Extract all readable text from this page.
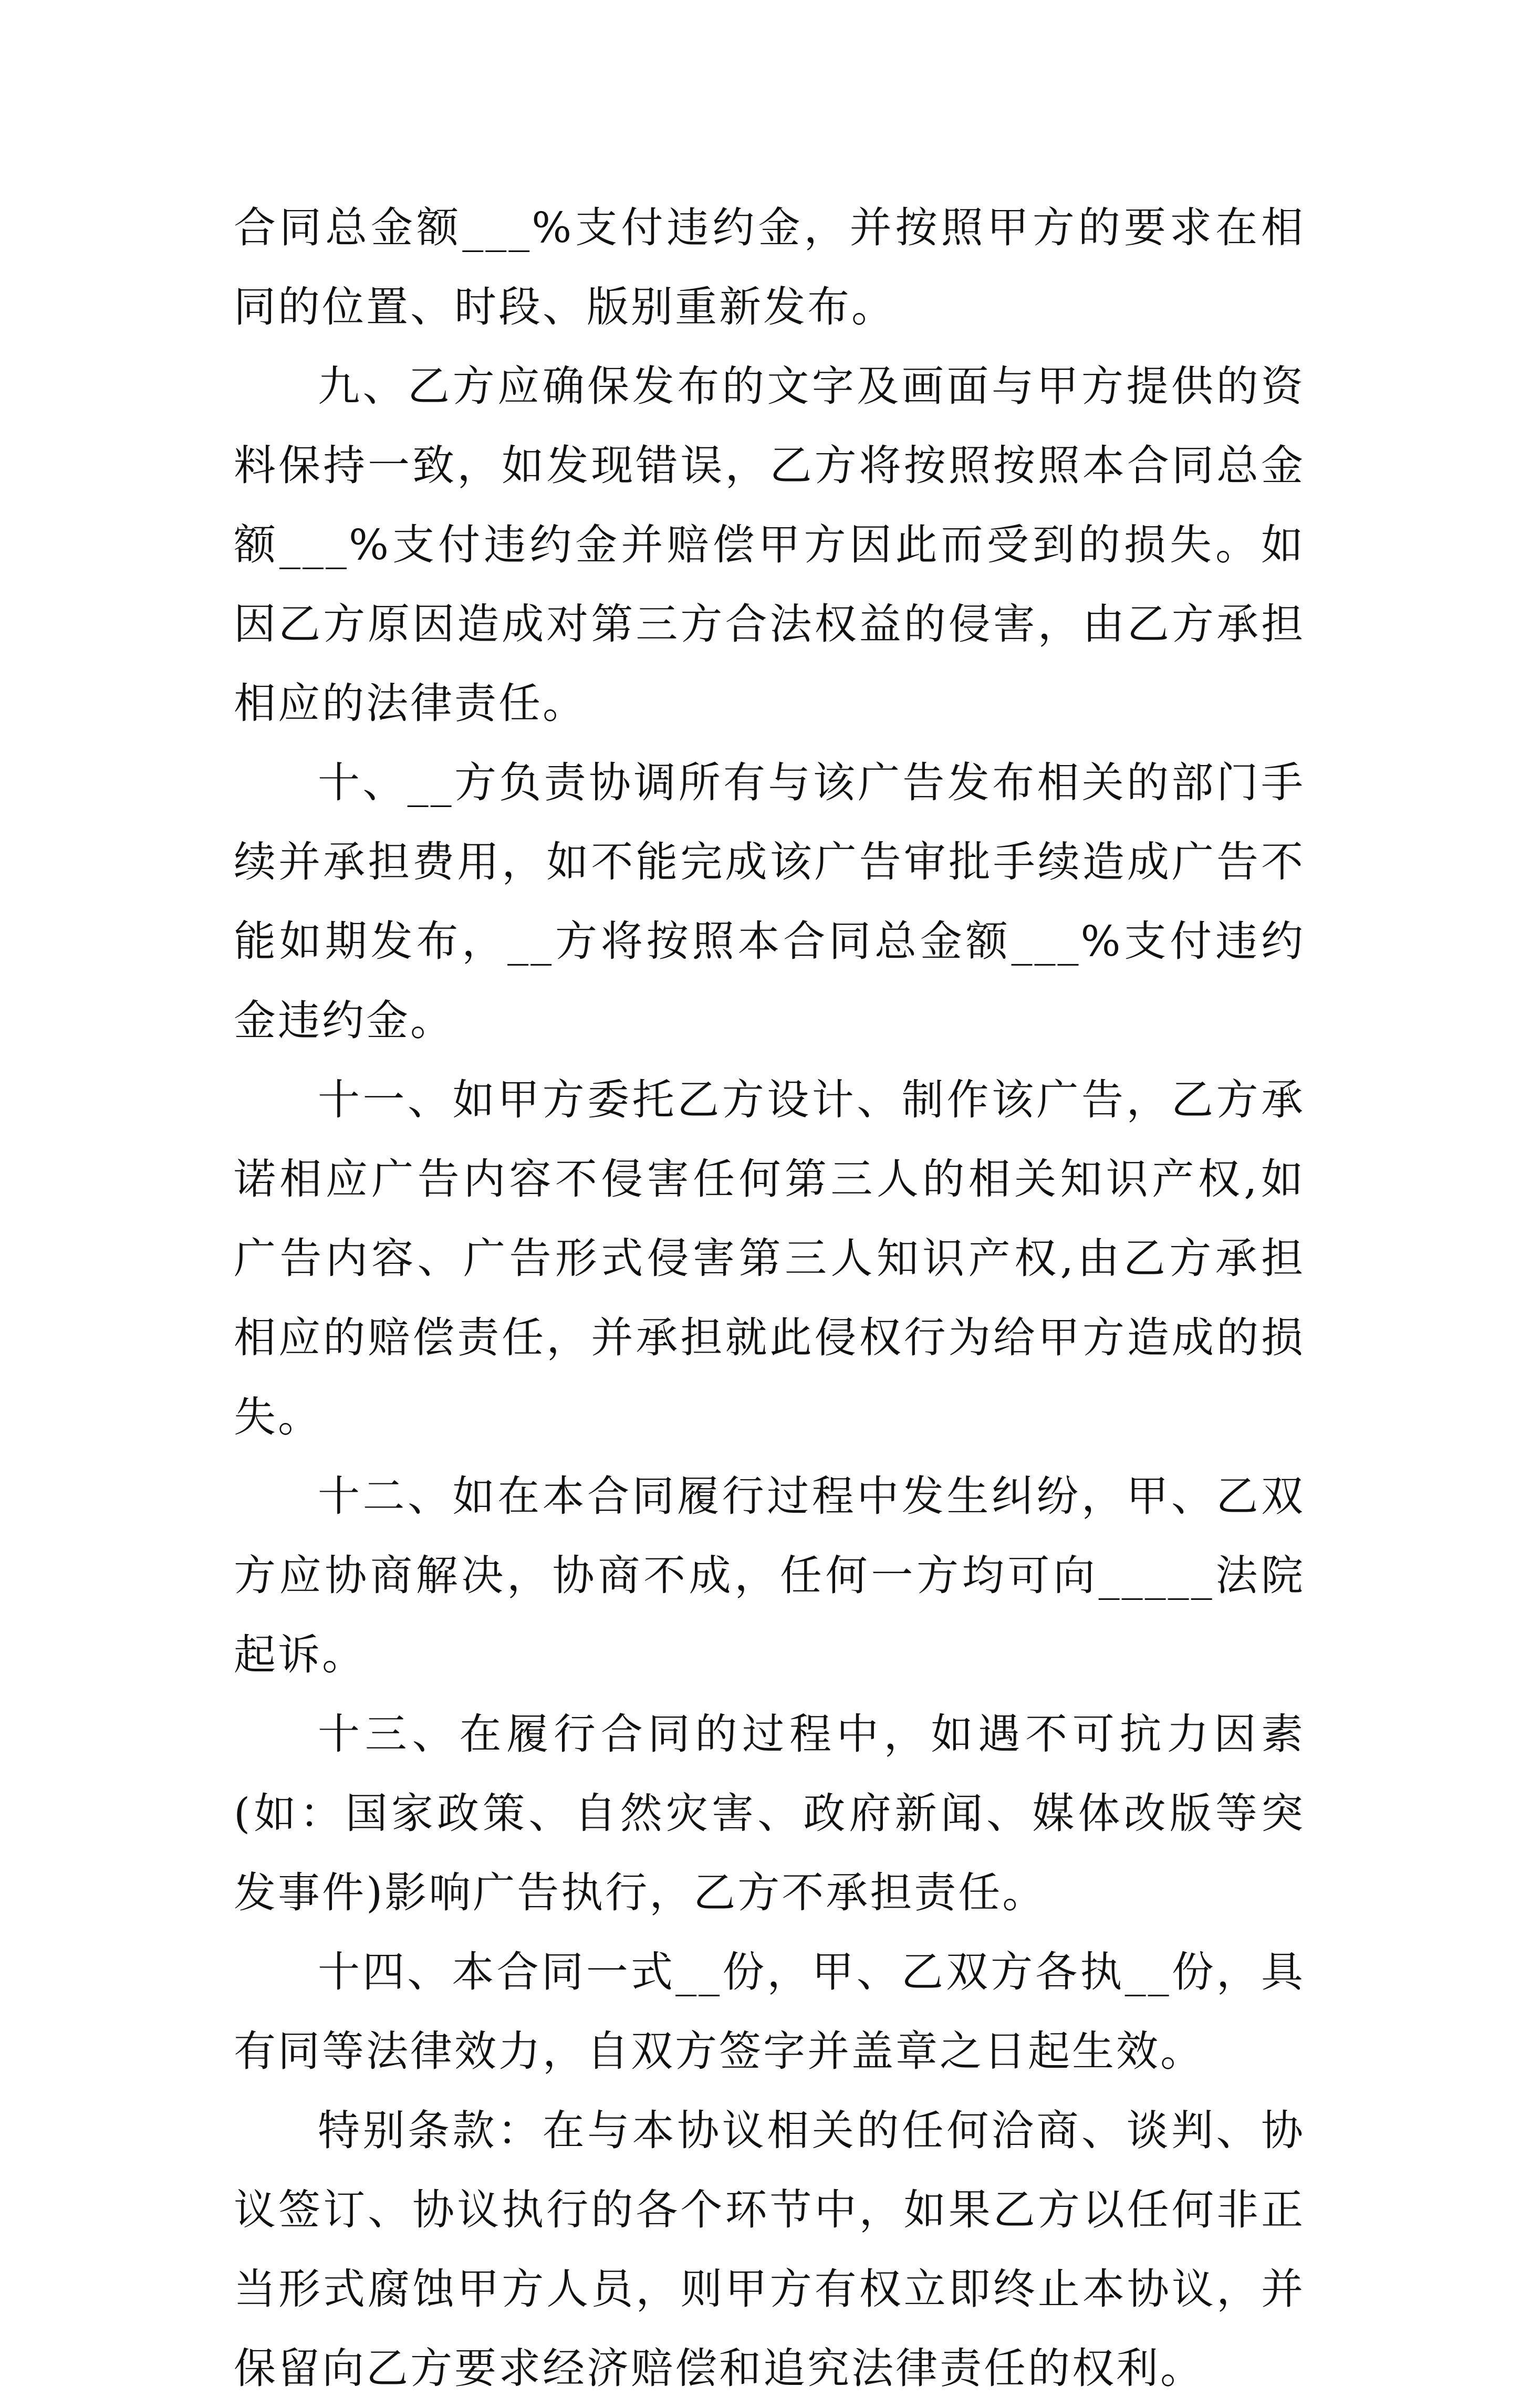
合同总金额___%支付违约金，并按照甲方的要求在相同的位置、时段、版别重新发布。

九、乙方应确保发布的文字及画面与甲方提供的资料保持一致，如发现错误，乙方将按照按照本合同总金额___%支付违约金并赔偿甲方因此而受到的损失。如因乙方原因造成对第三方合法权益的侵害，由乙方承担相应的法律责任。

十、__方负责协调所有与该广告发布相关的部门手续并承担费用，如不能完成该广告审批手续造成广告不能如期发布，__方将按照本合同总金额___%支付违约金违约金。

十一、如甲方委托乙方设计、制作该广告，乙方承诺相应广告内容不侵害任何第三人的相关知识产权,如广告内容、广告形式侵害第三人知识产权,由乙方承担相应的赔偿责任，并承担就此侵权行为给甲方造成的损失。

十二、如在本合同履行过程中发生纠纷，甲、乙双方应协商解决，协商不成，任何一方均可向_____法院起诉。

十三、在履行合同的过程中，如遇不可抗力因素(如：国家政策、自然灾害、政府新闻、媒体改版等突发事件)影响广告执行，乙方不承担责任。

十四、本合同一式__份，甲、乙双方各执__份，具有同等法律效力，自双方签字并盖章之日起生效。

特别条款：在与本协议相关的任何洽商、谈判、协议签订、协议执行的各个环节中，如果乙方以任何非正当形式腐蚀甲方人员，则甲方有权立即终止本协议，并保留向乙方要求经济赔偿和追究法律责任的权利。
